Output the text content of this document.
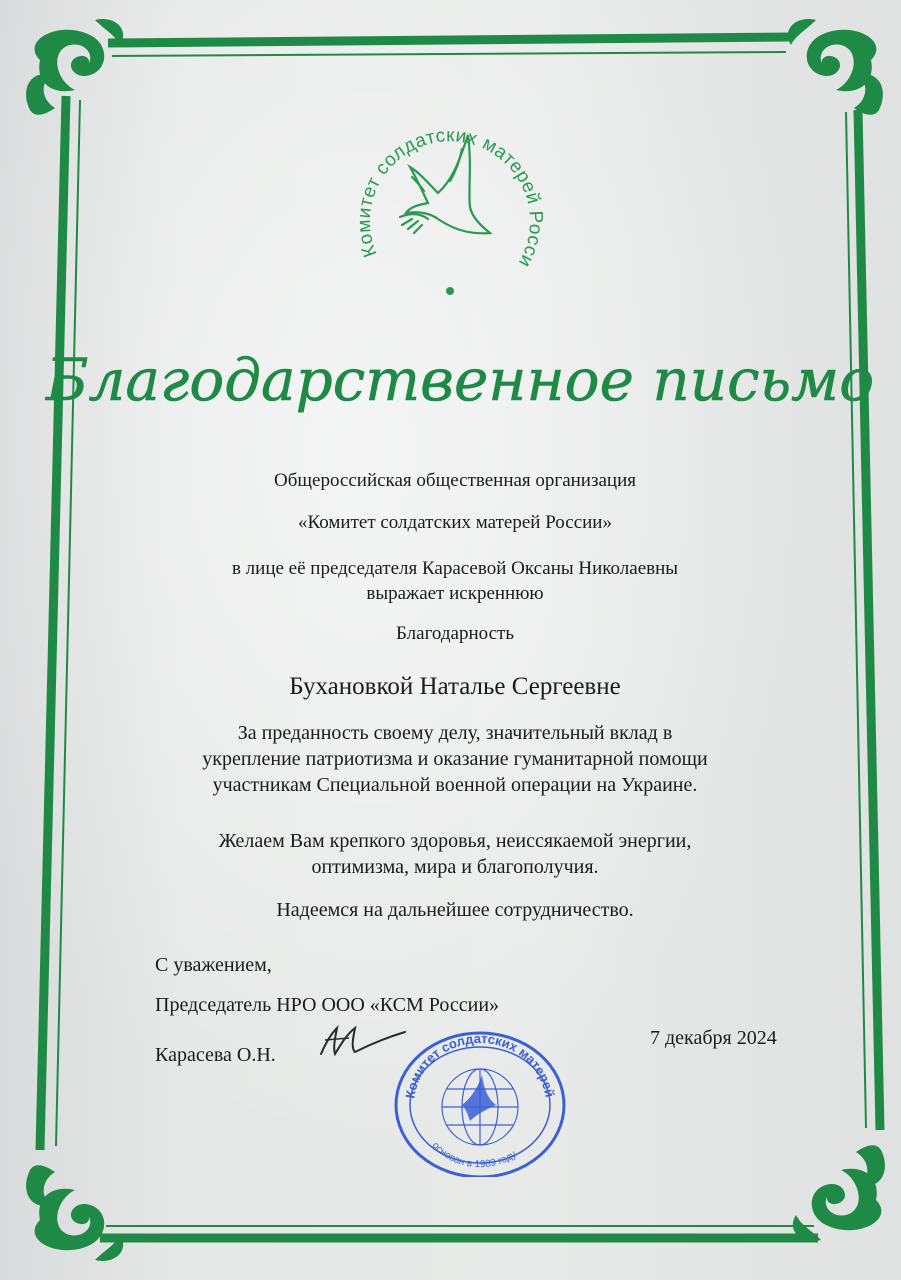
Комитет солдатских матерей Росси
Благодарственное письмо
Общероссийская общественная организация
«Комитет солдатских матерей России»
в лице её председателя Карасевой Оксаны Николаевны
выражает искреннюю
Благодарность
Бухановкой Наталье Сергеевне
За преданность своему делу, значительный вклад в
укрепление патриотизма и оказание гуманитарной помощи
участникам Специальной военной операции на Украине.
Желаем Вам крепкого здоровья, неиссякаемой энергии,
оптимизма, мира и благополучия.
Надеемся на дальнейшее сотрудничество.
С уважением,
Председатель НРО ООО «КСМ России»
Карасева О.Н.
7 декабря 2024
Комитет солдатских матерей
основан в 1989 году
